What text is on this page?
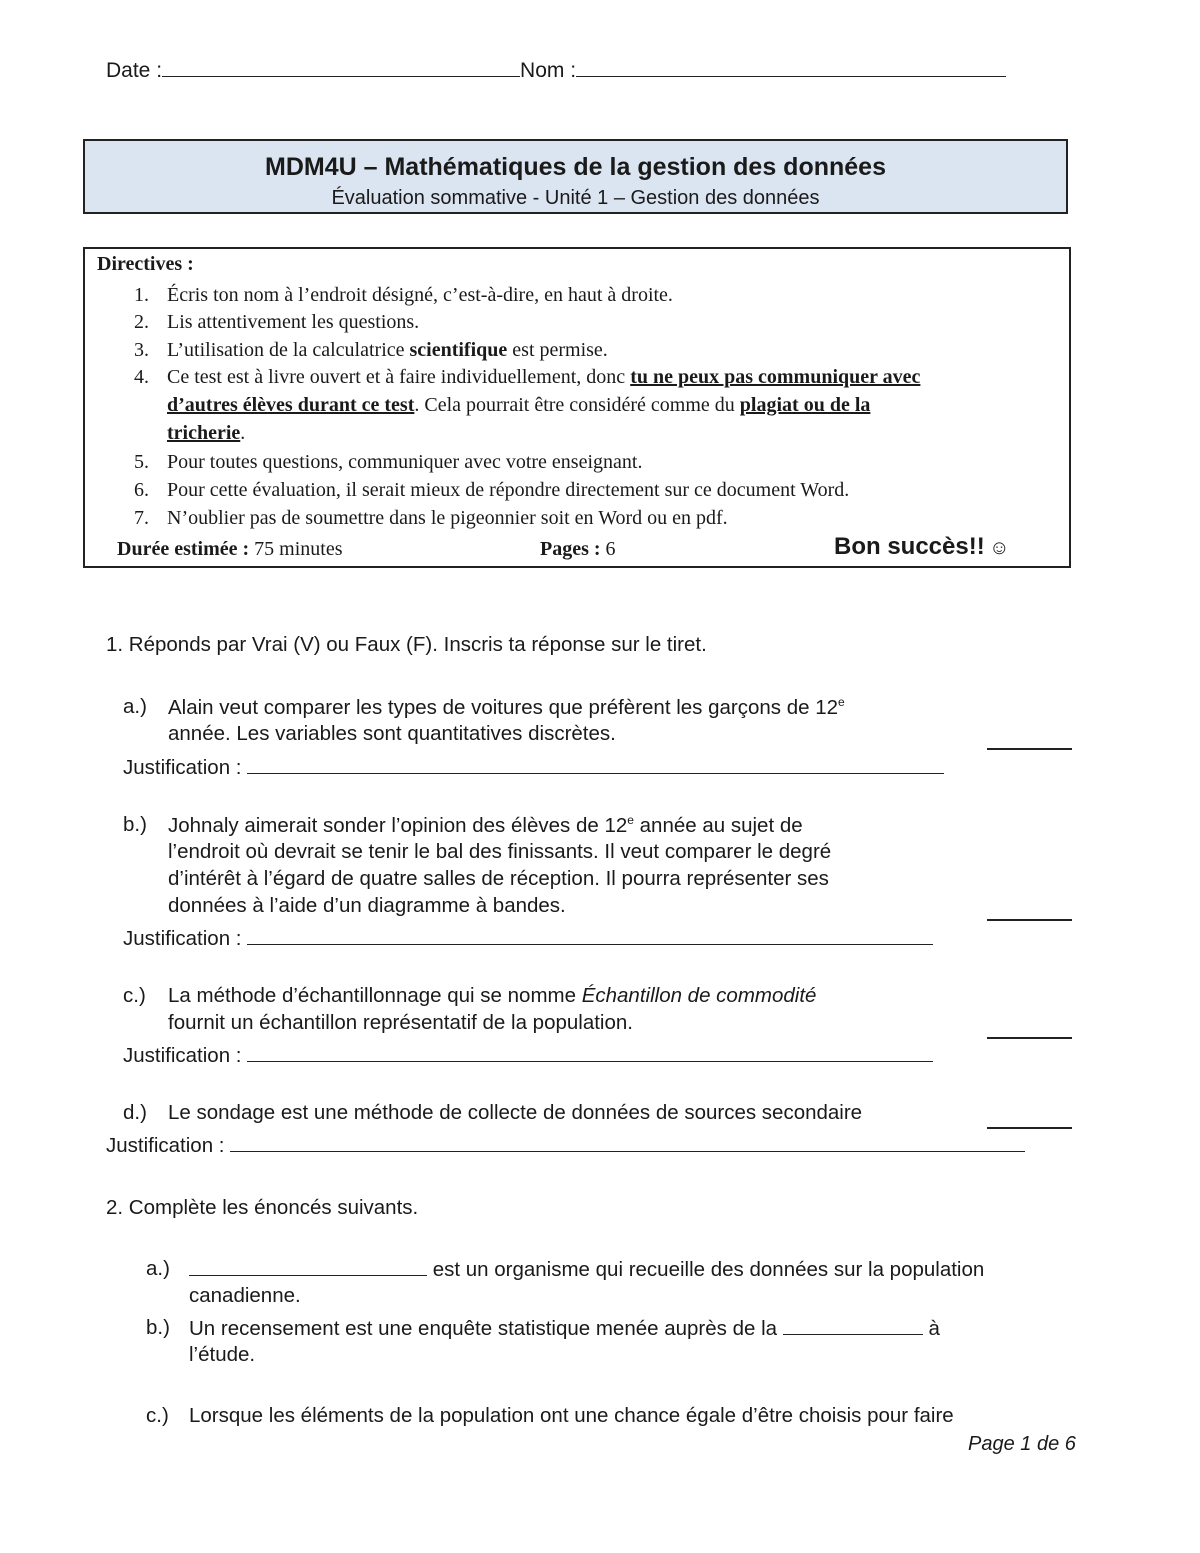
Date :	Nom :
MDM4U – Mathématiques de la gestion des données
Évaluation sommative - Unité 1 – Gestion des données
Directives :
1. Écris ton nom à l’endroit désigné, c’est-à-dire, en haut à droite.
2. Lis attentivement les questions.
3. L’utilisation de la calculatrice scientifique est permise.
4. Ce test est à livre ouvert et à faire individuellement, donc tu ne peux pas communiquer avec
d’autres élèves durant ce test. Cela pourrait être considéré comme du plagiat ou de la
tricherie.
5. Pour toutes questions, communiquer avec votre enseignant.
6. Pour cette évaluation, il serait mieux de répondre directement sur ce document Word.
7. N’oublier pas de soumettre dans le pigeonnier soit en Word ou en pdf.
Durée estimée : 75 minutes	Pages : 6	Bon succès!! ☺
1. Réponds par Vrai (V) ou Faux (F). Inscris ta réponse sur le tiret.
a.) Alain veut comparer les types de voitures que préfèrent les garçons de 12e
année. Les variables sont quantitatives discrètes.
Justification :
b.) Johnaly aimerait sonder l’opinion des élèves de 12e année au sujet de
l’endroit où devrait se tenir le bal des finissants. Il veut comparer le degré
d’intérêt à l’égard de quatre salles de réception. Il pourra représenter ses
données à l’aide d’un diagramme à bandes.
Justification :
c.) La méthode d’échantillonnage qui se nomme Échantillon de commodité
fournit un échantillon représentatif de la population.
Justification :
d.) Le sondage est une méthode de collecte de données de sources secondaire
Justification :
2. Complète les énoncés suivants.
a.)	est un organisme qui recueille des données sur la population
canadienne.
b.) Un recensement est une enquête statistique menée auprès de la	à
l’étude.
c.) Lorsque les éléments de la population ont une chance égale d’être choisis pour faire
Page 1 de 6
